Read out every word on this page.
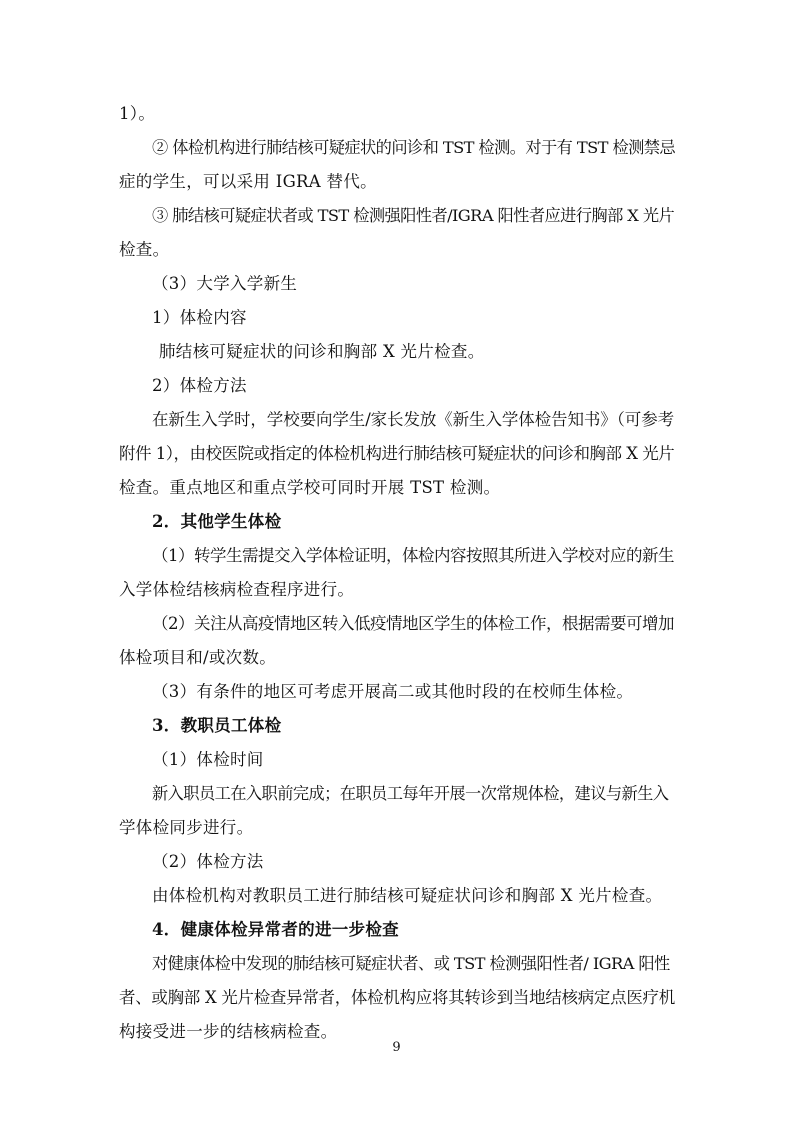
1）。
② 体检机构进行肺结核可疑症状的问诊和 TST 检测。对于有 TST 检测禁忌
症的学生，可以采用 IGRA 替代。
③ 肺结核可疑症状者或 TST 检测强阳性者/IGRA 阳性者应进行胸部 X 光片
检查。
（3）大学入学新生
1）体检内容
肺结核可疑症状的问诊和胸部 X 光片检查。
2）体检方法
在新生入学时，学校要向学生/家长发放《新生入学体检告知书》（可参考
附件 1），由校医院或指定的体检机构进行肺结核可疑症状的问诊和胸部 X 光片
检查。重点地区和重点学校可同时开展 TST 检测。
2．其他学生体检
（1）转学生需提交入学体检证明，体检内容按照其所进入学校对应的新生
入学体检结核病检查程序进行。
（2）关注从高疫情地区转入低疫情地区学生的体检工作，根据需要可增加
体检项目和/或次数。
（3）有条件的地区可考虑开展高二或其他时段的在校师生体检。
3．教职员工体检
（1）体检时间
新入职员工在入职前完成；在职员工每年开展一次常规体检，建议与新生入
学体检同步进行。
（2）体检方法
由体检机构对教职员工进行肺结核可疑症状问诊和胸部 X 光片检查。
4．健康体检异常者的进一步检查
对健康体检中发现的肺结核可疑症状者、或 TST 检测强阳性者/ IGRA 阳性
者、或胸部 X 光片检查异常者，体检机构应将其转诊到当地结核病定点医疗机
构接受进一步的结核病检查。
9
